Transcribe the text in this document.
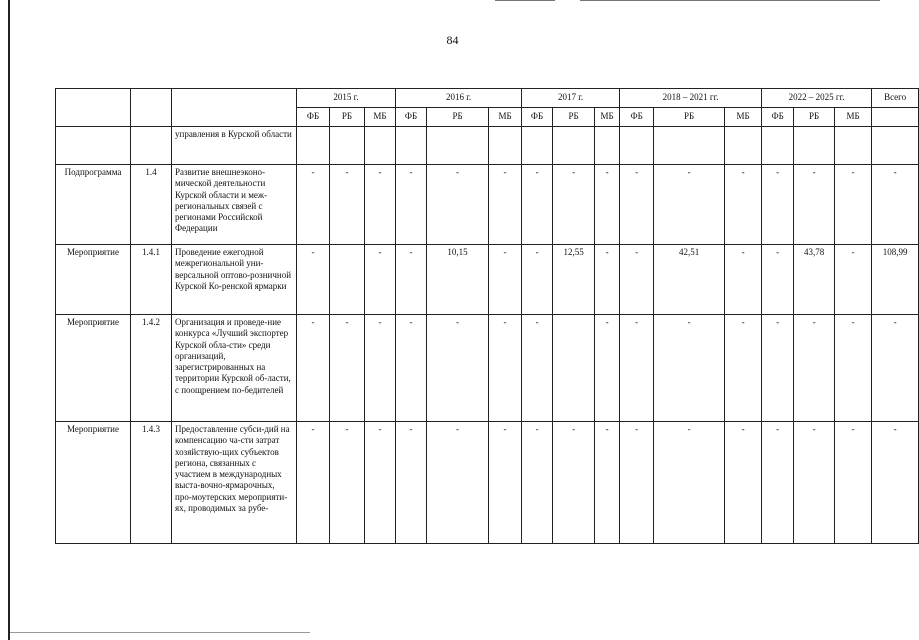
84
			2015 г.			2016 г.			2017 г.			2018 – 2021 гг.			2022 – 2025 гг.			Всего
			ФБ	РБ	МБ	ФБ	РБ	МБ	ФБ	РБ	МБ	ФБ	РБ	МБ	ФБ	РБ	МБ	
		управления в Курской области																
Подпрограмма	1.4	Развитие внешнеэконо-мической деятельности Курской области и меж-региональных связей с регионами Российской Федерации	-	-	-	-	-	-	-	-	-	-	-	-	-	-	-	-
Мероприятие	1.4.1	Проведение ежегодной межрегиональной уни-версальной оптово-розничной Курской Ко-ренской ярмарки	-		-	-	10,15	-	-	12,55	-	-	42,51	-	-	43,78	-	108,99
Мероприятие	1.4.2	Организация и проведе-ние конкурса «Лучший экспортер Курской обла-сти» среди организаций, зарегистрированных на территории Курской об-ласти, с поощрением по-бедителей	-	-	-	-	-	-	-		-	-	-	-	-	-	-	-
Мероприятие	1.4.3	Предоставление субси-дий на компенсацию ча-сти затрат хозяйствую-щих субъектов региона, связанных с участием в международных выста-вочно-ярмарочных, про-моутерских мероприяти-ях, проводимых за рубе-	-	-	-	-	-	-	-	-	-	-	-	-	-	-	-	-
